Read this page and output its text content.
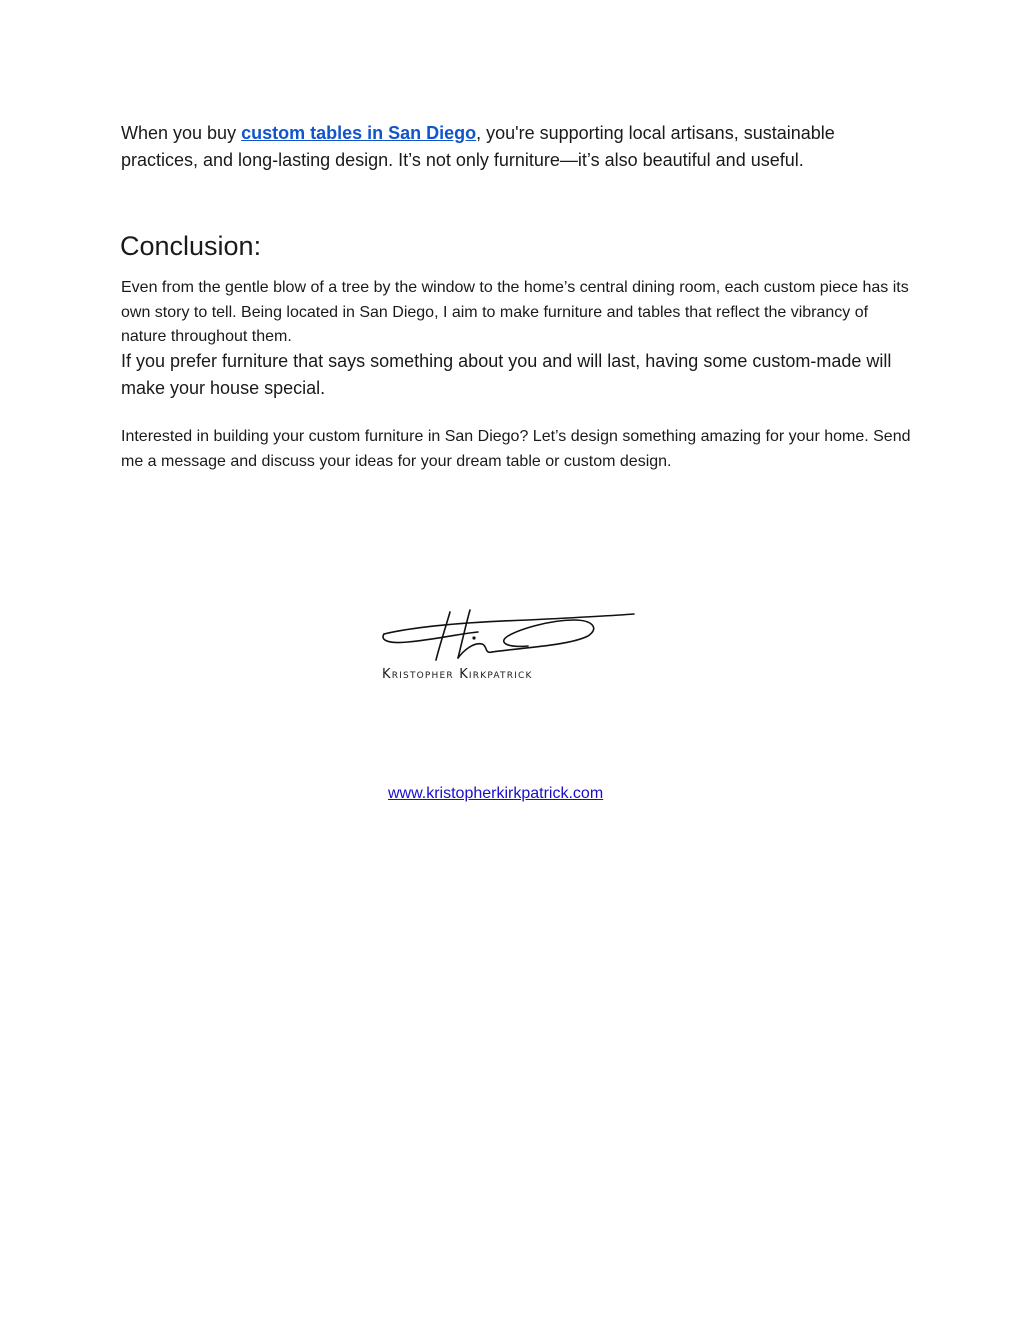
When you buy custom tables in San Diego, you're supporting local artisans, sustainable practices, and long-lasting design. It’s not only furniture—it’s also beautiful and useful.

Conclusion:

Even from the gentle blow of a tree by the window to the home’s central dining room, each custom piece has its own story to tell. Being located in San Diego, I aim to make furniture and tables that reflect the vibrancy of nature throughout them.

If you prefer furniture that says something about you and will last, having some custom-made will make your house special.

Interested in building your custom furniture in San Diego? Let’s design something amazing for your home. Send me a message and discuss your ideas for your dream table or custom design.

Kristopher Kirkpatrick
www.kristopherkirkpatrick.com
